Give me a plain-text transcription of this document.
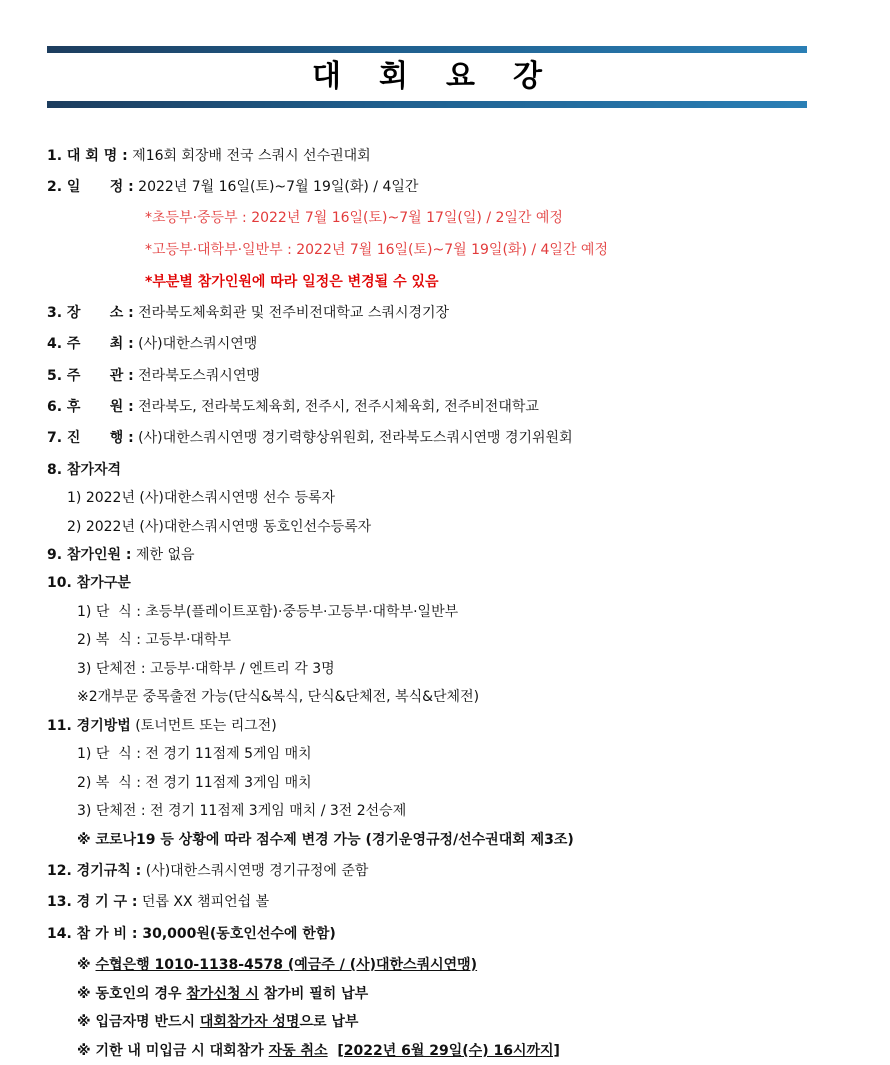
대회요강
1. 대 회 명 : 제16회 회장배 전국 스쿼시 선수권대회
2. 일      정 : 2022년 7월 16일(토)~7월 19일(화) / 4일간
*초등부·중등부 : 2022년 7월 16일(토)~7월 17일(일) / 2일간 예정
*고등부·대학부·일반부 : 2022년 7월 16일(토)~7월 19일(화) / 4일간 예정
*부분별 참가인원에 따라 일정은 변경될 수 있음
3. 장      소 : 전라북도체육회관 및 전주비전대학교 스쿼시경기장
4. 주      최 : (사)대한스쿼시연맹
5. 주      관 : 전라북도스쿼시연맹
6. 후      원 : 전라북도, 전라북도체육회, 전주시, 전주시체육회, 전주비전대학교
7. 진      행 : (사)대한스쿼시연맹 경기력향상위원회, 전라북도스쿼시연맹 경기위원회
8. 참가자격
1) 2022년 (사)대한스쿼시연맹 선수 등록자
2) 2022년 (사)대한스쿼시연맹 동호인선수등록자
9. 참가인원 : 제한 없음
10. 참가구분
1) 단  식 : 초등부(플레이트포함)·중등부·고등부·대학부·일반부
2) 복  식 : 고등부·대학부
3) 단체전 : 고등부·대학부 / 엔트리 각 3명
※2개부문 중목출전 가능(단식&복식, 단식&단체전, 복식&단체전)
11. 경기방법 (토너먼트 또는 리그전)
1) 단  식 : 전 경기 11점제 5게임 매치
2) 복  식 : 전 경기 11점제 3게임 매치
3) 단체전 : 전 경기 11점제 3게임 매치 / 3전 2선승제
※ 코로나19 등 상황에 따라 점수제 변경 가능 (경기운영규정/선수권대회 제3조)
12. 경기규칙 : (사)대한스쿼시연맹 경기규정에 준함
13. 경 기 구 : 던롭 XX 챔피언쉽 볼
14. 참 가 비 : 30,000원(동호인선수에 한함)
※ 수협은행 1010-1138-4578 (예금주 / (사)대한스쿼시연맹)
※ 동호인의 경우 참가신청 시 참가비 필히 납부
※ 입금자명 반드시 대회참가자 성명으로 납부
※ 기한 내 미입금 시 대회참가 자동 취소 [2022년 6월 29일(수) 16시까지]
